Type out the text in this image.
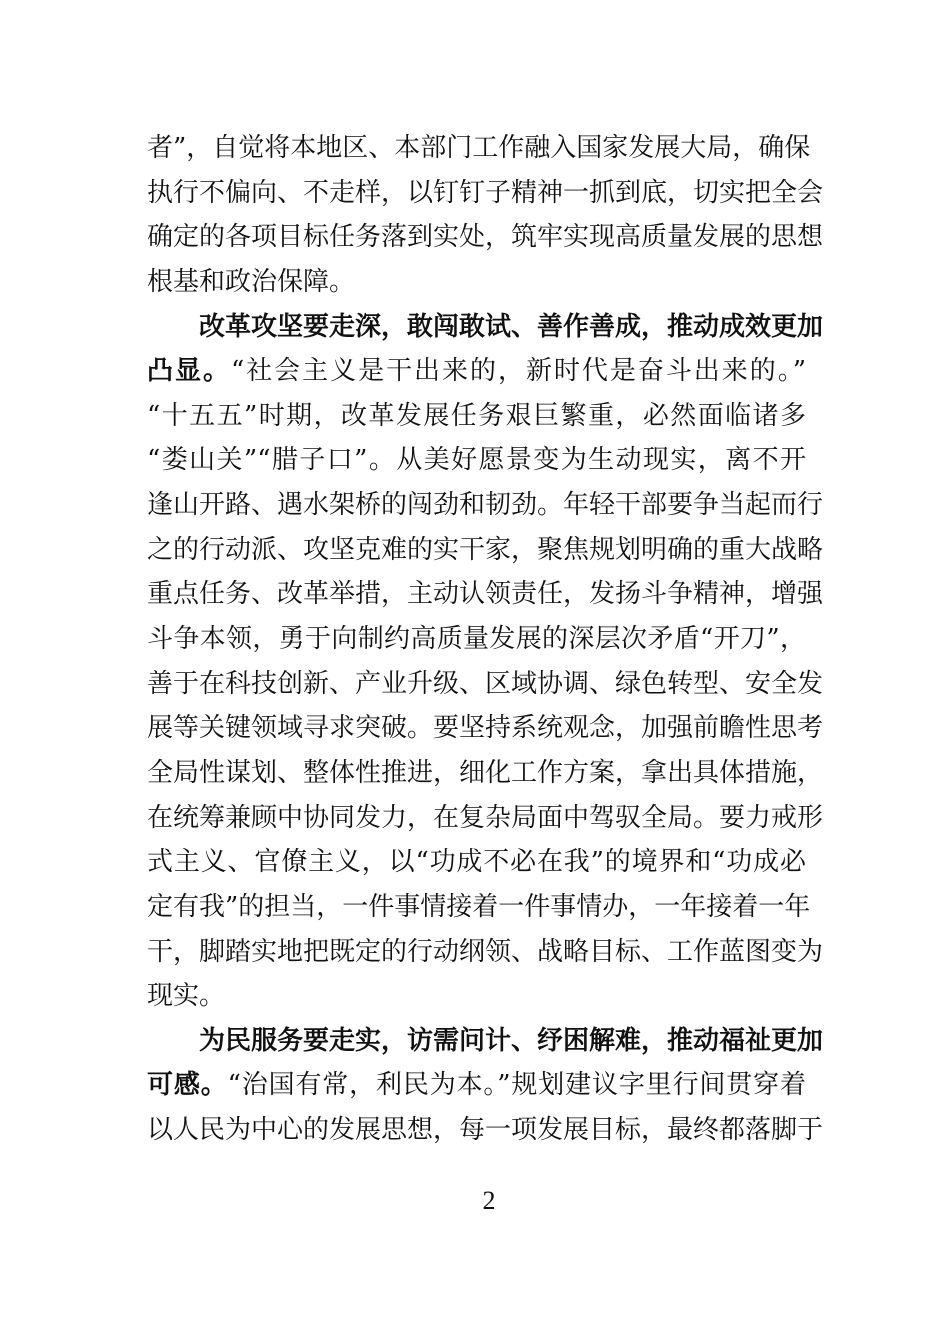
者”，自觉将本地区、本部门工作融入国家发展大局，确保
执行不偏向、不走样，以钉钉子精神一抓到底，切实把全会
确定的各项目标任务落到实处，筑牢实现高质量发展的思想
根基和政治保障。
改革攻坚要走深，敢闯敢试、善作善成，推动成效更加
凸显。“社会主义是干出来的，新时代是奋斗出来的。”
“十五五”时期，改革发展任务艰巨繁重，必然面临诸多
“娄山关”“腊子口”。从美好愿景变为生动现实，离不开
逢山开路、遇水架桥的闯劲和韧劲。年轻干部要争当起而行
之的行动派、攻坚克难的实干家，聚焦规划明确的重大战略
重点任务、改革举措，主动认领责任，发扬斗争精神，增强
斗争本领，勇于向制约高质量发展的深层次矛盾“开刀”，
善于在科技创新、产业升级、区域协调、绿色转型、安全发
展等关键领域寻求突破。要坚持系统观念，加强前瞻性思考
全局性谋划、整体性推进，细化工作方案，拿出具体措施，
在统筹兼顾中协同发力，在复杂局面中驾驭全局。要力戒形
式主义、官僚主义，以“功成不必在我”的境界和“功成必
定有我”的担当，一件事情接着一件事情办，一年接着一年
干，脚踏实地把既定的行动纲领、战略目标、工作蓝图变为
现实。
为民服务要走实，访需问计、纾困解难，推动福祉更加
可感。“治国有常，利民为本。”规划建议字里行间贯穿着
以人民为中心的发展思想，每一项发展目标，最终都落脚于
2
